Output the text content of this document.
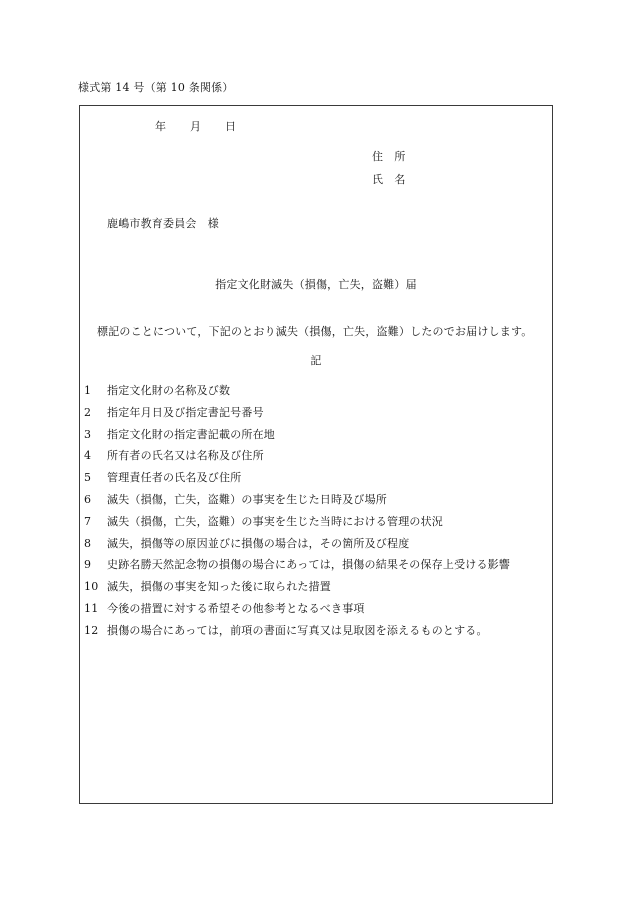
様式第 14 号（第 10 条関係）
年 月 日
住　所
氏　名
鹿嶋市教育委員会　様
指定文化財滅失（損傷，亡失，盗難）届
標記のことについて，下記のとおり滅失（損傷，亡失，盗難）したのでお届けします。
記
1 指定文化財の名称及び数
2 指定年月日及び指定書記号番号
3 指定文化財の指定書記載の所在地
4 所有者の氏名又は名称及び住所
5 管理責任者の氏名及び住所
6 滅失（損傷，亡失，盗難）の事実を生じた日時及び場所
7 滅失（損傷，亡失，盗難）の事実を生じた当時における管理の状況
8 滅失，損傷等の原因並びに損傷の場合は，その箇所及び程度
9 史跡名勝天然記念物の損傷の場合にあっては，損傷の結果その保存上受ける影響
10 滅失，損傷の事実を知った後に取られた措置
11 今後の措置に対する希望その他参考となるべき事項
12 損傷の場合にあっては，前項の書面に写真又は見取図を添えるものとする。
